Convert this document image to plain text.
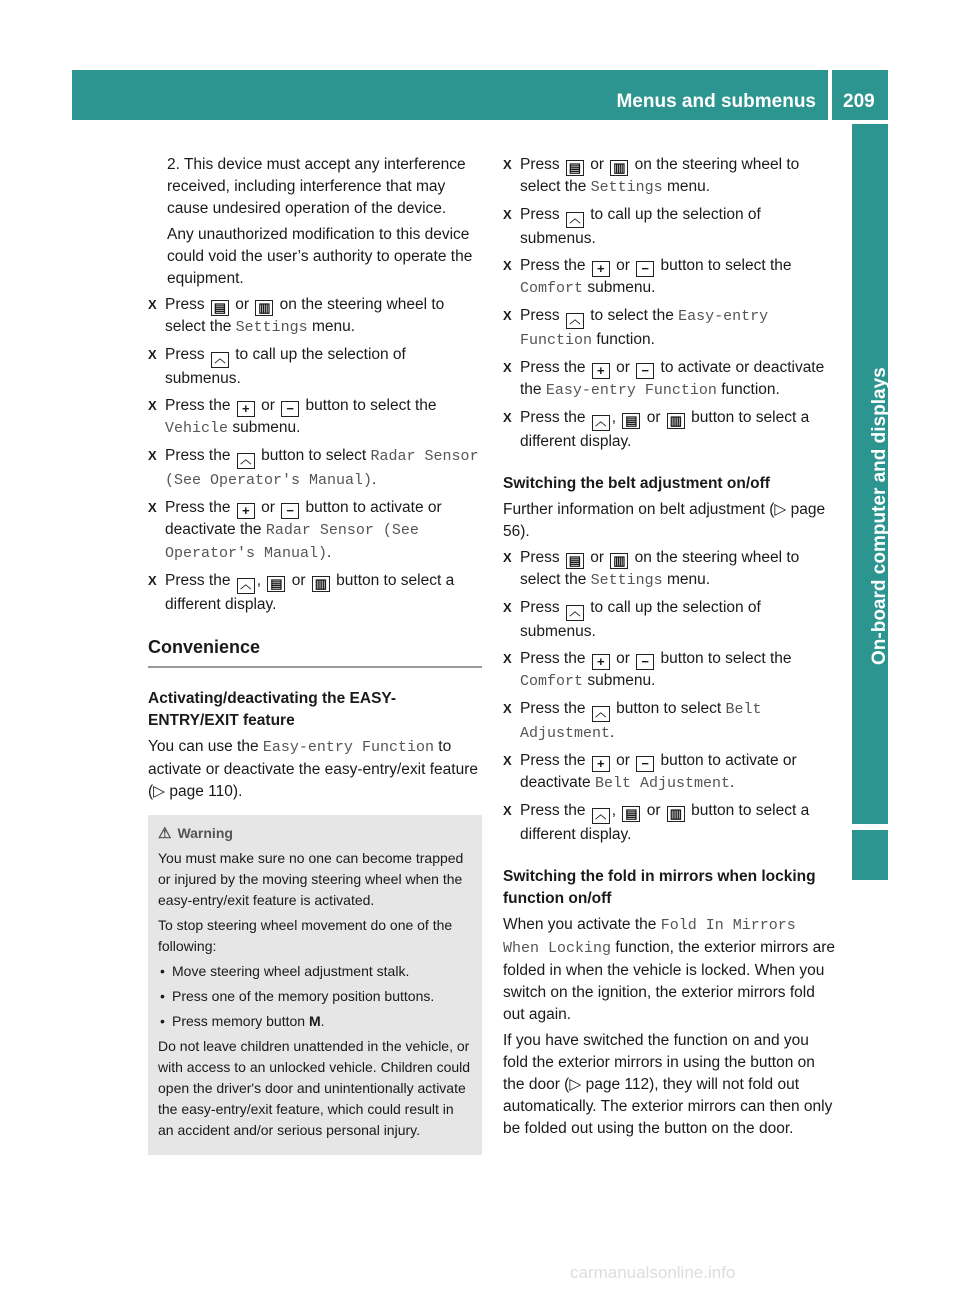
Menus and submenus 209
On-board computer and displays

2. This device must accept any interference received, including interference that may cause undesired operation of the device.

Any unauthorized modification to this device could void the user’s authority to operate the equipment.

X Press ▤ or ▥ on the steering wheel to select the Settings menu.
X Press ︿ to call up the selection of submenus.
X Press the + or − button to select the Vehicle submenu.
X Press the ︿ button to select Radar Sensor (See Operator's Manual).
X Press the + or − button to activate or deactivate the Radar Sensor (See Operator's Manual).
X Press the ︿ , ▤ or ▥ button to select a different display.
Convenience
Activating/deactivating the EASY-ENTRY/EXIT feature

You can use the Easy-entry Function to activate or deactivate the easy-entry/exit feature (▷ page 110).

⚠ Warning

You must make sure no one can become trapped or injured by the moving steering wheel when the easy-entry/exit feature is activated.

To stop steering wheel movement do one of the following:

• Move steering wheel adjustment stalk.
• Press one of the memory position buttons.
• Press memory button M.

Do not leave children unattended in the vehicle, or with access to an unlocked vehicle. Children could open the driver's door and unintentionally activate the easy-entry/exit feature, which could result in an accident and/or serious personal injury.

X Press ▤ or ▥ on the steering wheel to select the Settings menu.
X Press ︿ to call up the selection of submenus.
X Press the + or − button to select the Comfort submenu.
X Press ︿ to select the Easy-entry Function function.
X Press the + or − to activate or deactivate the Easy-entry Function function.
X Press the ︿ , ▤ or ▥ button to select a different display.
Switching the belt adjustment on/off

Further information on belt adjustment (▷ page 56).

X Press ▤ or ▥ on the steering wheel to select the Settings menu.
X Press ︿ to call up the selection of submenus.
X Press the + or − button to select the Comfort submenu.
X Press the ︿ button to select Belt Adjustment.
X Press the + or − button to activate or deactivate Belt Adjustment.
X Press the ︿ , ▤ or ▥ button to select a different display.
Switching the fold in mirrors when locking function on/off

When you activate the Fold In Mirrors When Locking function, the exterior mirrors are folded in when the vehicle is locked. When you switch on the ignition, the exterior mirrors fold out again.

If you have switched the function on and you fold the exterior mirrors in using the button on the door (▷ page 112), they will not fold out automatically. The exterior mirrors can then only be folded out using the button on the door.

carmanualsonline.info
